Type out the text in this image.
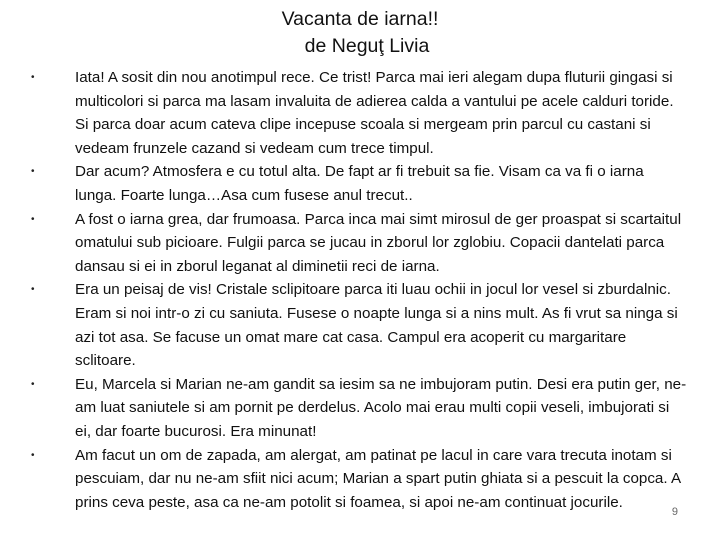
Vacanta de iarna!!
de Neguţ Livia
•	Iata! A sosit din nou anotimpul rece. Ce trist! Parca mai ieri alegam dupa fluturii gingasi si multicolori si parca ma lasam invaluita de adierea calda a vantului pe acele calduri toride. Si parca doar acum cateva clipe incepuse scoala si mergeam prin parcul cu castani si vedeam frunzele cazand si vedeam cum trece timpul.
•	Dar acum? Atmosfera e cu totul alta. De fapt ar fi trebuit sa fie. Visam ca va fi o iarna lunga. Foarte lunga…Asa cum fusese anul trecut..
•	A fost o iarna grea, dar frumoasa. Parca inca mai simt mirosul de ger proaspat si scartaitul omatului sub picioare. Fulgii parca se jucau in zborul lor zglobiu. Copacii dantelati parca dansau si ei in zborul leganat al diminetii reci de iarna.
•	Era un peisaj de vis! Cristale sclipitoare parca iti luau ochii in jocul lor vesel si zburdalnic. Eram si noi intr-o zi cu saniuta. Fusese o noapte lunga si a nins mult. As fi vrut sa ninga si azi tot asa. Se facuse un omat mare cat casa. Campul era acoperit cu margaritare sclitoare.
•	Eu, Marcela si Marian ne-am gandit sa iesim sa ne imbujoram putin. Desi era putin ger, ne-am luat saniutele si am pornit pe derdelus. Acolo mai erau multi copii veseli, imbujorati si ei, dar foarte bucurosi. Era minunat!
•	Am facut un om de zapada, am alergat, am patinat pe lacul in care vara trecuta inotam si pescuiam, dar nu ne-am sfiit nici acum; Marian a spart putin ghiata si a pescuit la copca. A prins ceva peste, asa ca ne-am potolit si foamea, si apoi ne-am continuat jocurile.
9
